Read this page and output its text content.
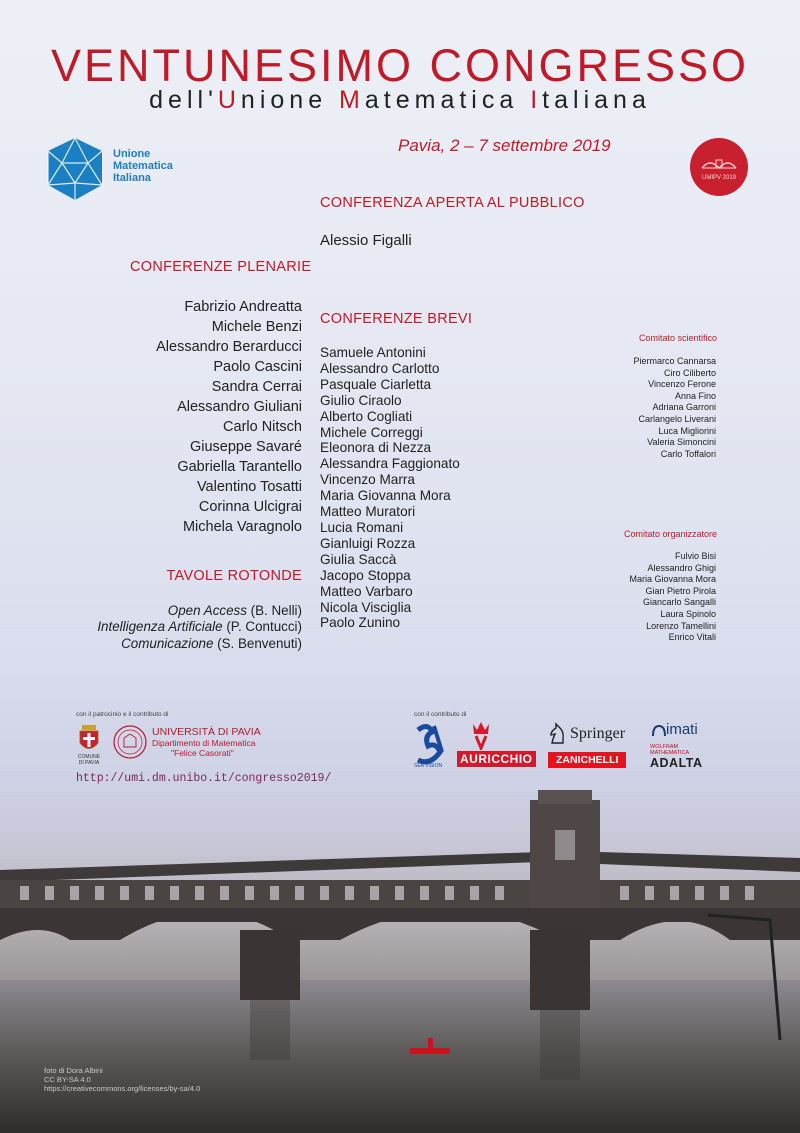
VENTUNESIMO CONGRESSO
dell'Unione Matematica Italiana
Unione
Matematica
Italiana
Pavia, 2 – 7 settembre 2019
UMIPV 2019
CONFERENZA APERTA AL PUBBLICO
Alessio Figalli
CONFERENZE PLENARIE
Fabrizio Andreatta
Michele Benzi
Alessandro Berarducci
Paolo Cascini
Sandra Cerrai
Alessandro Giuliani
Carlo Nitsch
Giuseppe Savaré
Gabriella Tarantello
Valentino Tosatti
Corinna Ulcigrai
Michela Varagnolo
CONFERENZE BREVI
Samuele Antonini
Alessandro Carlotto
Pasquale Ciarletta
Giulio Ciraolo
Alberto Cogliati
Michele Correggi
Eleonora di Nezza
Alessandra Faggionato
Vincenzo Marra
Maria Giovanna Mora
Matteo Muratori
Lucia Romani
Gianluigi Rozza
Giulia Saccà
Jacopo Stoppa
Matteo Varbaro
Nicola Visciglia
Paolo Zunino
TAVOLE ROTONDE
Open Access (B. Nelli)
Intelligenza Artificiale (P. Contucci)
Comunicazione (S. Benvenuti)
Comitato scientifico
Piermarco Cannarsa
Ciro Ciliberto
Vincenzo Ferone
Anna Fino
Adriana Garroni
Carlangelo Liverani
Luca Migliorini
Valeria Simoncini
Carlo Toffalori
Comitato organizzatore
Fulvio Bisi
Alessandro Ghigi
Maria Giovanna Mora
Gian Pietro Pirola
Giancarlo Sangalli
Laura Spinolo
Lorenzo Tamellini
Enrico Vitali
con il patrocinio e il contributo di
COMUNE
DI PAVIA
UNIVERSITÀ DI PAVIA
Dipartimento di Matematica
"Felice Casorati"
http://umi.dm.unibo.it/congresso2019/
con il contributo di
SEA VISION AURICCHIO
Springer
ZANICHELLI
imati
WOLFRAM
MATHEMATICA
ADALTA
foto di Dora Albini
CC BY-SA 4.0
https://creativecommons.org/licenses/by-sa/4.0
